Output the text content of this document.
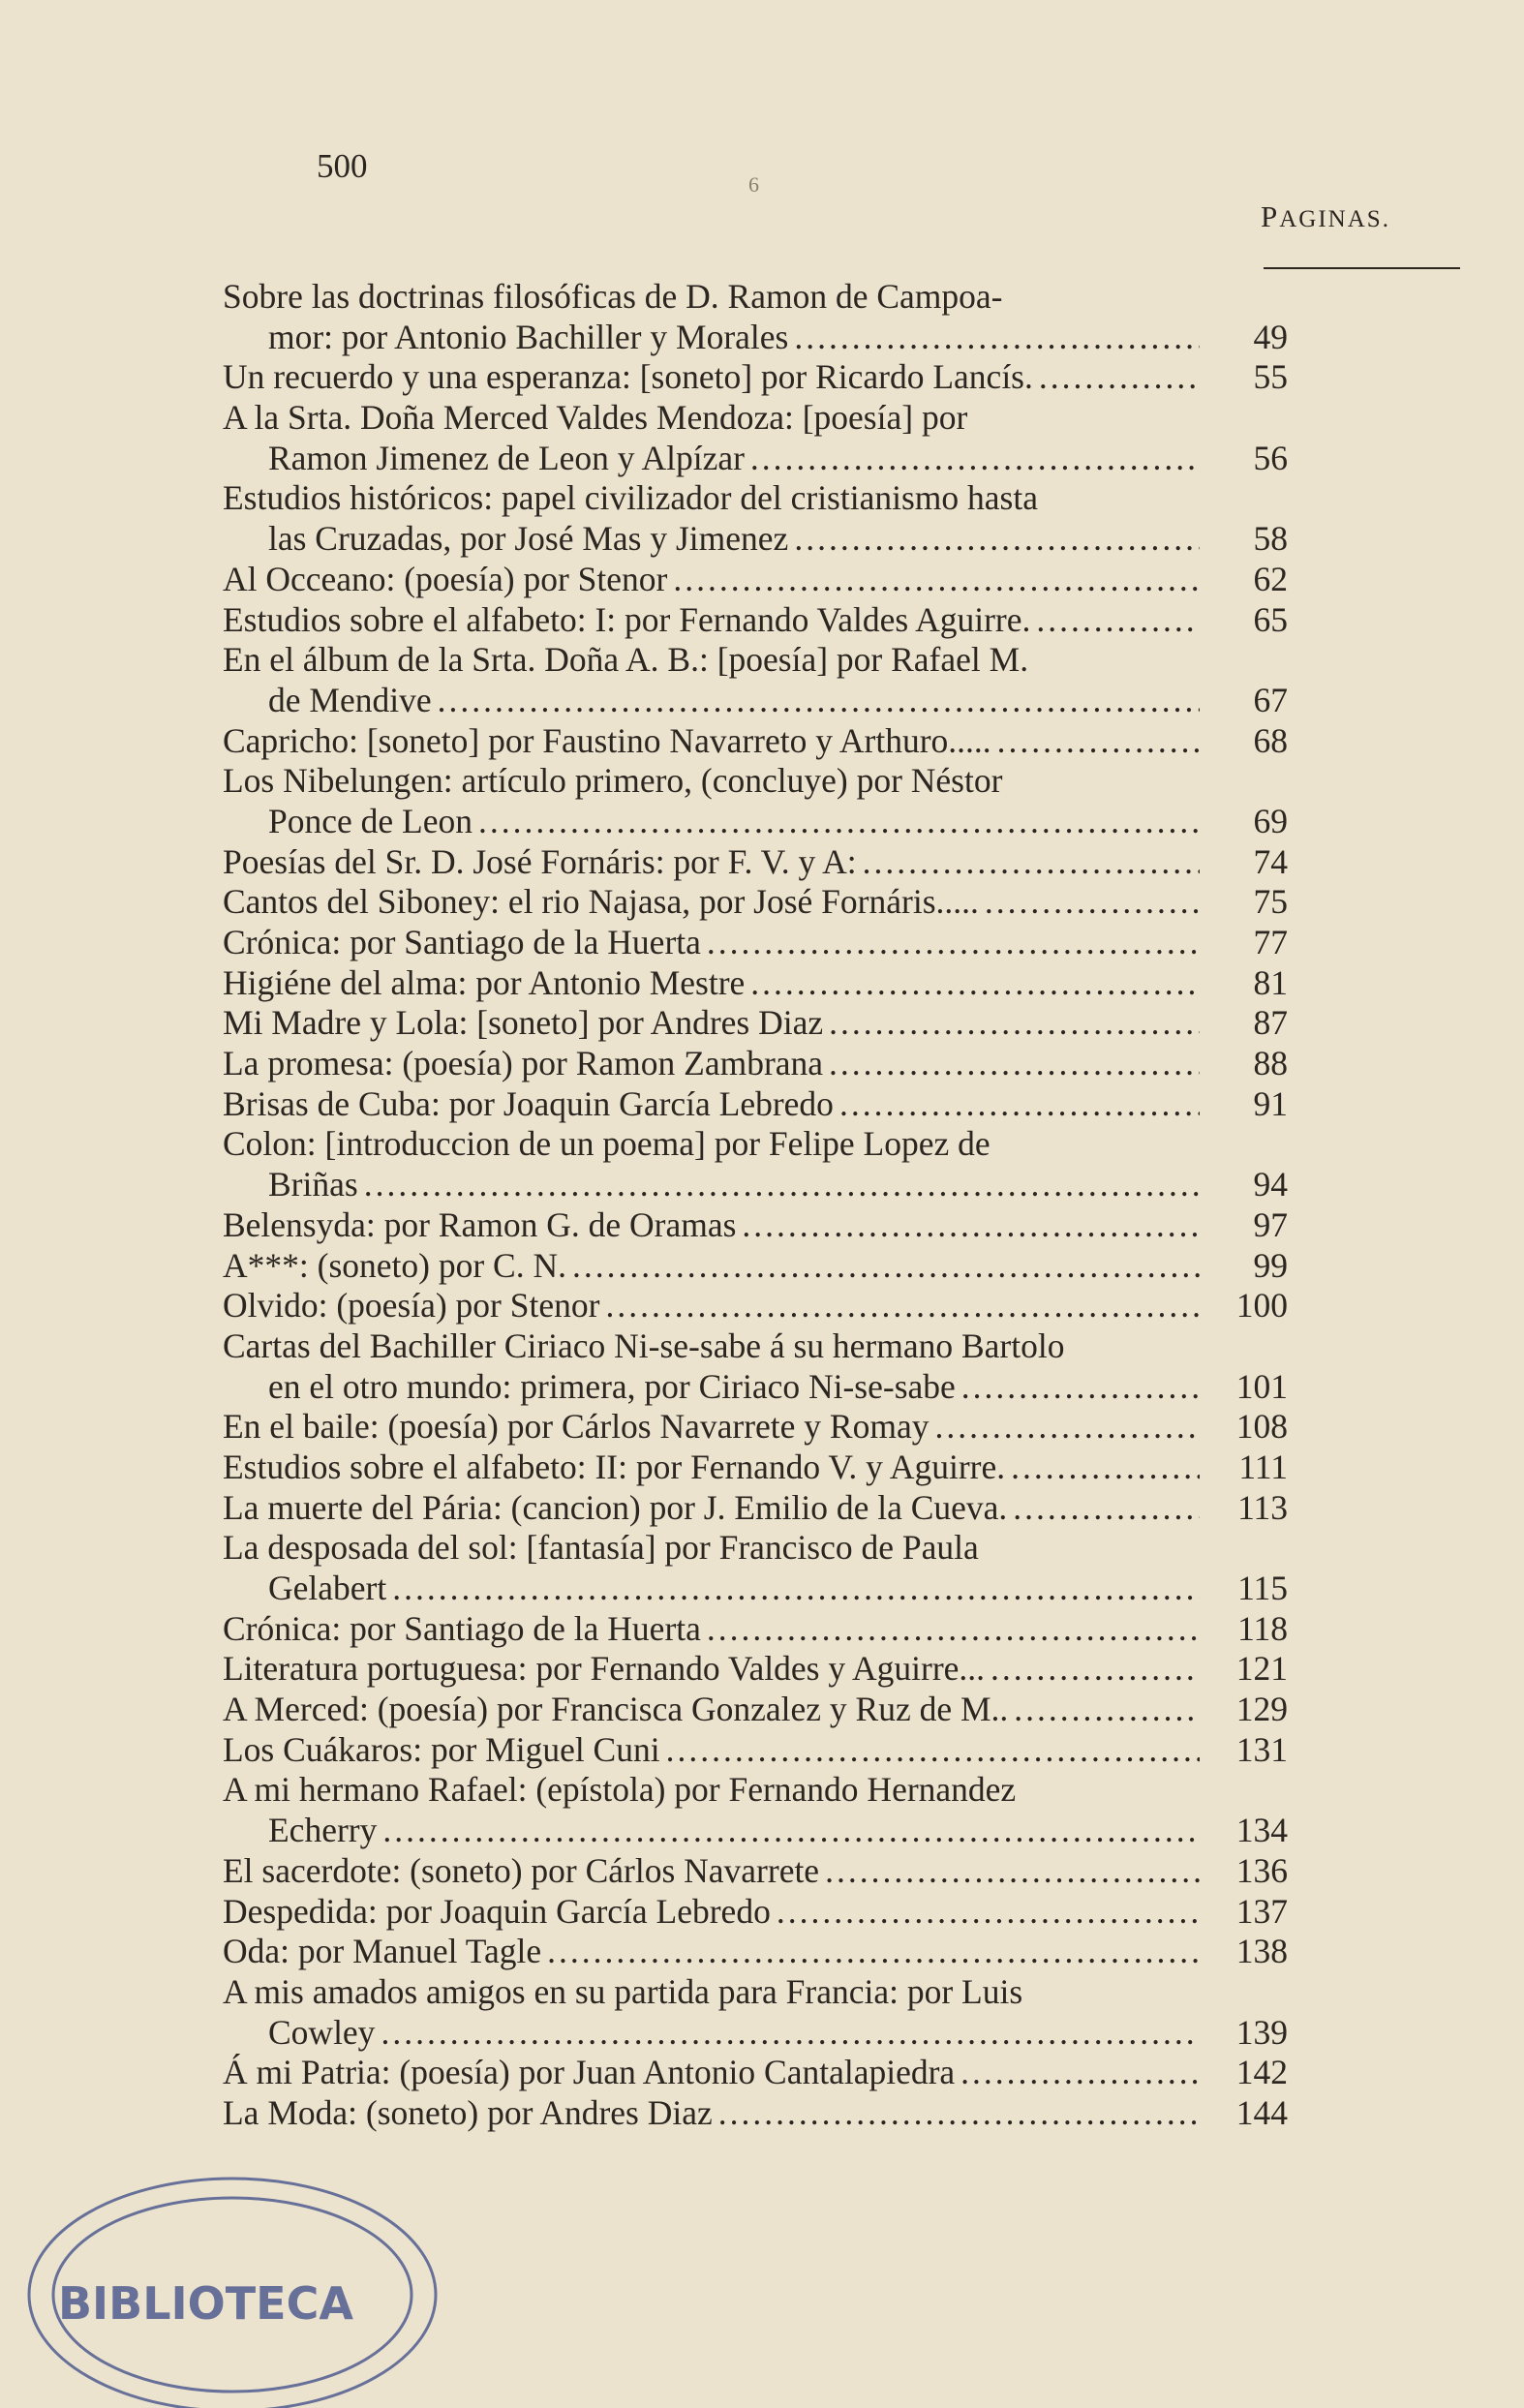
500	6
PAGINAS.
Sobre las doctrinas filosóficas de D. Ramon de Campoa-
mor: por Antonio Bachiller y Morales .....	49
Un recuerdo y una esperanza: [soneto] por Ricardo Lancís. .....	55
A la Srta. Doña Merced Valdes Mendoza: [poesía] por
Ramon Jimenez de Leon y Alpízar .....	56
Estudios históricos: papel civilizador del cristianismo hasta
las Cruzadas, por José Mas y Jimenez .....	58
Al Occeano: (poesía) por Stenor .....	62
Estudios sobre el alfabeto: I: por Fernando Valdes Aguirre. .....	65
En el álbum de la Srta. Doña A. B.: [poesía] por Rafael M.
de Mendive .....	67
Capricho: [soneto] por Faustino Navarreto y Arthuro..... .....	68
Los Nibelungen: artículo primero, (concluye) por Néstor
Ponce de Leon .....	69
Poesías del Sr. D. José Fornáris: por F. V. y A: .....	74
Cantos del Siboney: el rio Najasa, por José Fornáris..... .....	75
Crónica: por Santiago de la Huerta .....	77
Higiéne del alma: por Antonio Mestre .....	81
Mi Madre y Lola: [soneto] por Andres Diaz .....	87
La promesa: (poesía) por Ramon Zambrana .....	88
Brisas de Cuba: por Joaquin García Lebredo .....	91
Colon: [introduccion de un poema] por Felipe Lopez de
Briñas .....	94
Belensyda: por Ramon G. de Oramas .....	97
A***: (soneto) por C. N. .....	99
Olvido: (poesía) por Stenor .....	100
Cartas del Bachiller Ciriaco Ni-se-sabe á su hermano Bartolo
en el otro mundo: primera, por Ciriaco Ni-se-sabe .....	101
En el baile: (poesía) por Cárlos Navarrete y Romay .....	108
Estudios sobre el alfabeto: II: por Fernando V. y Aguirre. .....	111
La muerte del Pária: (cancion) por J. Emilio de la Cueva. .....	113
La desposada del sol: [fantasía] por Francisco de Paula
Gelabert .....	115
Crónica: por Santiago de la Huerta .....	118
Literatura portuguesa: por Fernando Valdes y Aguirre... .....	121
A Merced: (poesía) por Francisca Gonzalez y Ruz de M.. .....	129
Los Cuákaros: por Miguel Cuni .....	131
A mi hermano Rafael: (epístola) por Fernando Hernandez
Echerry .....	134
El sacerdote: (soneto) por Cárlos Navarrete .....	136
Despedida: por Joaquin García Lebredo .....	137
Oda: por Manuel Tagle .....	138
A mis amados amigos en su partida para Francia: por Luis
Cowley .....	139
Á mi Patria: (poesía) por Juan Antonio Cantalapiedra .....	142
La Moda: (soneto) por Andres Diaz .....	144
BIBLIOTECA
